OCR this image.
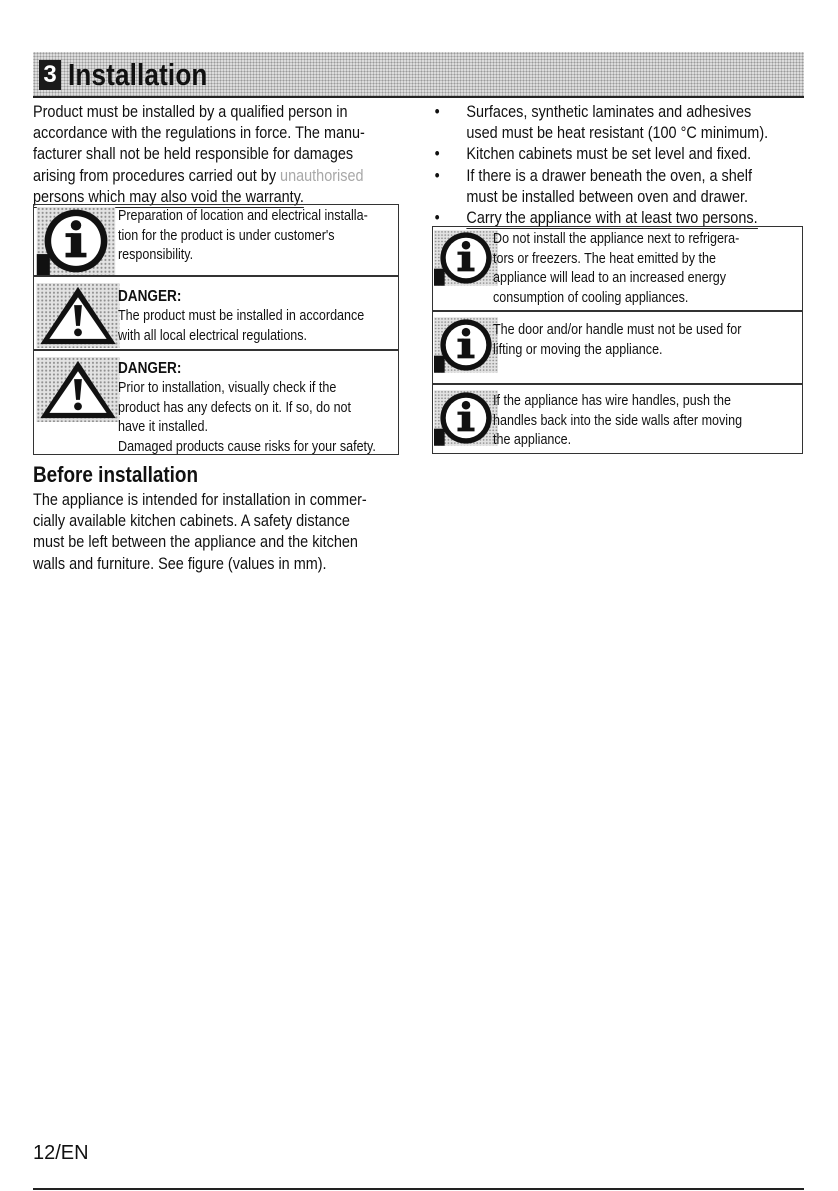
3 Installation

Product must be installed by a qualified person in

accordance with the regulations in force. The manu-

facturer shall not be held responsible for damages

arising from procedures carried out by unauthorised

persons which may also void the warranty.

Preparation of location and electrical installa-
tion for the product is under customer's
responsibility.
DANGER:
The product must be installed in accordance
with all local electrical regulations.
DANGER:
Prior to installation, visually check if the
product has any defects on it. If so, do not
have it installed.
Damaged products cause risks for your safety.
Before installation

The appliance is intended for installation in commer-

cially available kitchen cabinets. A safety distance

must be left between the appliance and the kitchen

walls and furniture. See figure (values in mm).

• Surfaces, synthetic laminates and adhesives
used must be heat resistant (100 °C minimum).
• Kitchen cabinets must be set level and fixed.
• If there is a drawer beneath the oven, a shelf
must be installed between oven and drawer.
• Carry the appliance with at least two persons.
Do not install the appliance next to refrigera-
tors or freezers. The heat emitted by the
appliance will lead to an increased energy
consumption of cooling appliances.
The door and/or handle must not be used for
lifting or moving the appliance.
If the appliance has wire handles, push the
handles back into the side walls after moving
the appliance.
12/EN
